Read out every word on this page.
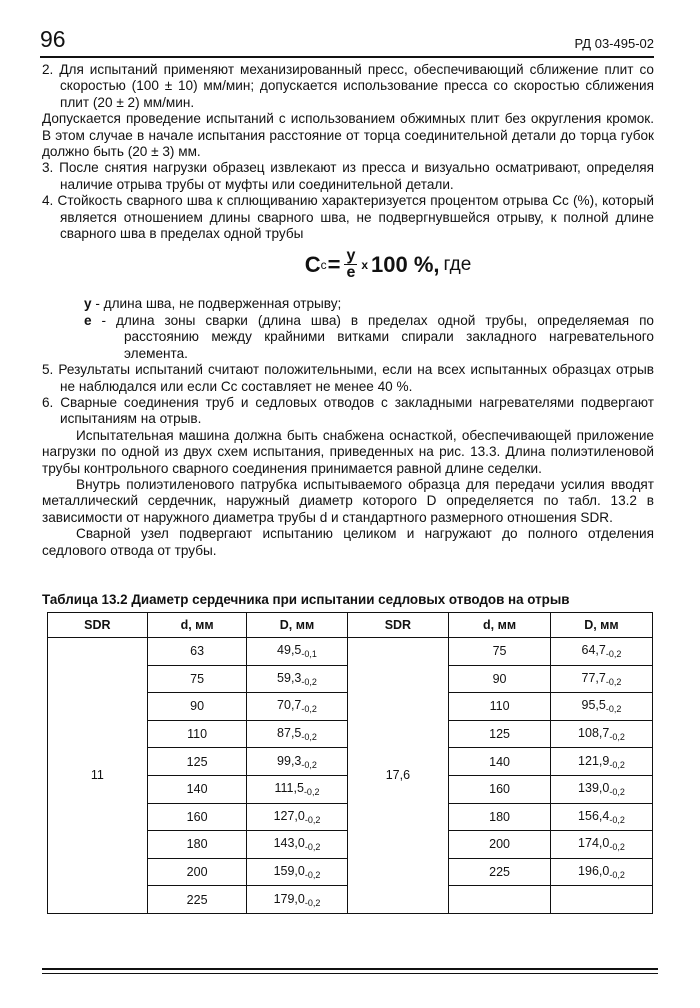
96	РД 03-495-02

2. Для испытаний применяют механизированный пресс, обеспечивающий сближение плит со скоростью (100 ± 10) мм/мин; допускается использование пресса со скоростью сближения плит (20 ± 2) мм/мин.

Допускается проведение испытаний с использованием обжимных плит без округления кромок. В этом случае в начале испытания расстояние от торца соединительной детали до торца губок должно быть (20 ± 3) мм.

3. После снятия нагрузки образец извлекают из пресса и визуально осматривают, определяя наличие отрыва трубы от муфты или соединительной детали.

4. Стойкость сварного шва к сплющиванию характеризуется процентом отрыва Сс (%), который является отношением длины сварного шва, не подвергнувшейся отрыву, к полной длине сварного шва в пределах одной трубы

C $c = \frac{y}{e}$ x 100 %, где

y - длина шва, не подверженная отрыву;

e - длина зоны сварки (длина шва) в пределах одной трубы, определяемая по расстоянию между крайними витками спирали закладного нагревательного элемента.

5. Результаты испытаний считают положительными, если на всех испытанных образцах отрыв не наблюдался или если Сс составляет не менее 40 %.

6. Сварные соединения труб и седловых отводов с закладными нагревателями подвергают испытаниям на отрыв.

Испытательная машина должна быть снабжена оснасткой, обеспечивающей приложение нагрузки по одной из двух схем испытания, приведенных на рис. 13.3. Длина полиэтиленовой трубы контрольного сварного соединения принимается равной длине седелки.

Внутрь полиэтиленового патрубка испытываемого образца для передачи усилия вводят металлический сердечник, наружный диаметр которого D определяется по табл. 13.2 в зависимости от наружного диаметра трубы d и стандартного размерного отношения SDR.

Сварной узел подвергают испытанию целиком и нагружают до полного отделения седлового отвода от трубы.

Таблица 13.2 Диаметр сердечника при испытании седловых отводов на отрыв
SDR	d, мм	D, мм	SDR	d, мм	D, мм
11	63	$49,5_{-0,1}$	17,6	75	$64,7_{-0,2}$
	75	$59,3_{-0,2}$		90	$77,7_{-0,2}$
	90	$70,7_{-0,2}$		110	$95,5_{-0,2}$
	110	$87,5_{-0,2}$		125	$108,7_{-0,2}$
	125	$99,3_{-0,2}$		140	$121,9_{-0,2}$
	140	$111,5_{-0,2}$		160	$139,0_{-0,2}$
	160	$127,0_{-0,2}$		180	$156,4_{-0,2}$
	180	$143,0_{-0,2}$		200	$174,0_{-0,2}$
	200	$159,0_{-0,2}$		225	$196,0_{-0,2}$
	225	$179,0_{-0,2}$		
